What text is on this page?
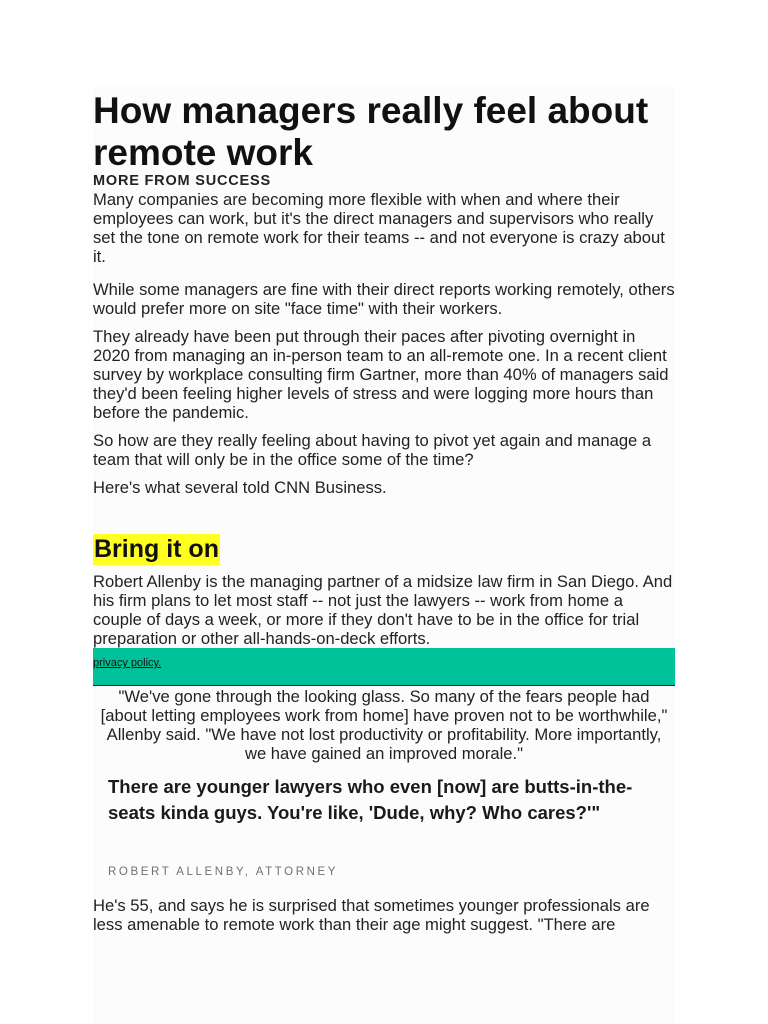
How managers really feel about remote work
MORE FROM SUCCESS

Many companies are becoming more flexible with when and where their employees can work, but it's the direct managers and supervisors who really set the tone on remote work for their teams -- and not everyone is crazy about it.

While some managers are fine with their direct reports working remotely, others would prefer more on site "face time" with their workers.

They already have been put through their paces after pivoting overnight in 2020 from managing an in-person team to an all-remote one. In a recent client survey by workplace consulting firm Gartner, more than 40% of managers said they'd been feeling higher levels of stress and were logging more hours than before the pandemic.

So how are they really feeling about having to pivot yet again and manage a team that will only be in the office some of the time?

Here's what several told CNN Business.

Bring it on

Robert Allenby is the managing partner of a midsize law firm in San Diego. And his firm plans to let most staff -- not just the lawyers -- work from home a couple of days a week, or more if they don't have to be in the office for trial preparation or other all-hands-on-deck efforts.

privacy policy.

"We've gone through the looking glass. So many of the fears people had [about letting employees work from home] have proven not to be worthwhile," Allenby said. "We have not lost productivity or profitability. More importantly, we have gained an improved morale."

There are younger lawyers who even [now] are butts-in-the-seats kinda guys. You're like, 'Dude, why? Who cares?'"

ROBERT ALLENBY, ATTORNEY

He's 55, and says he is surprised that sometimes younger professionals are less amenable to remote work than their age might suggest. "There are
